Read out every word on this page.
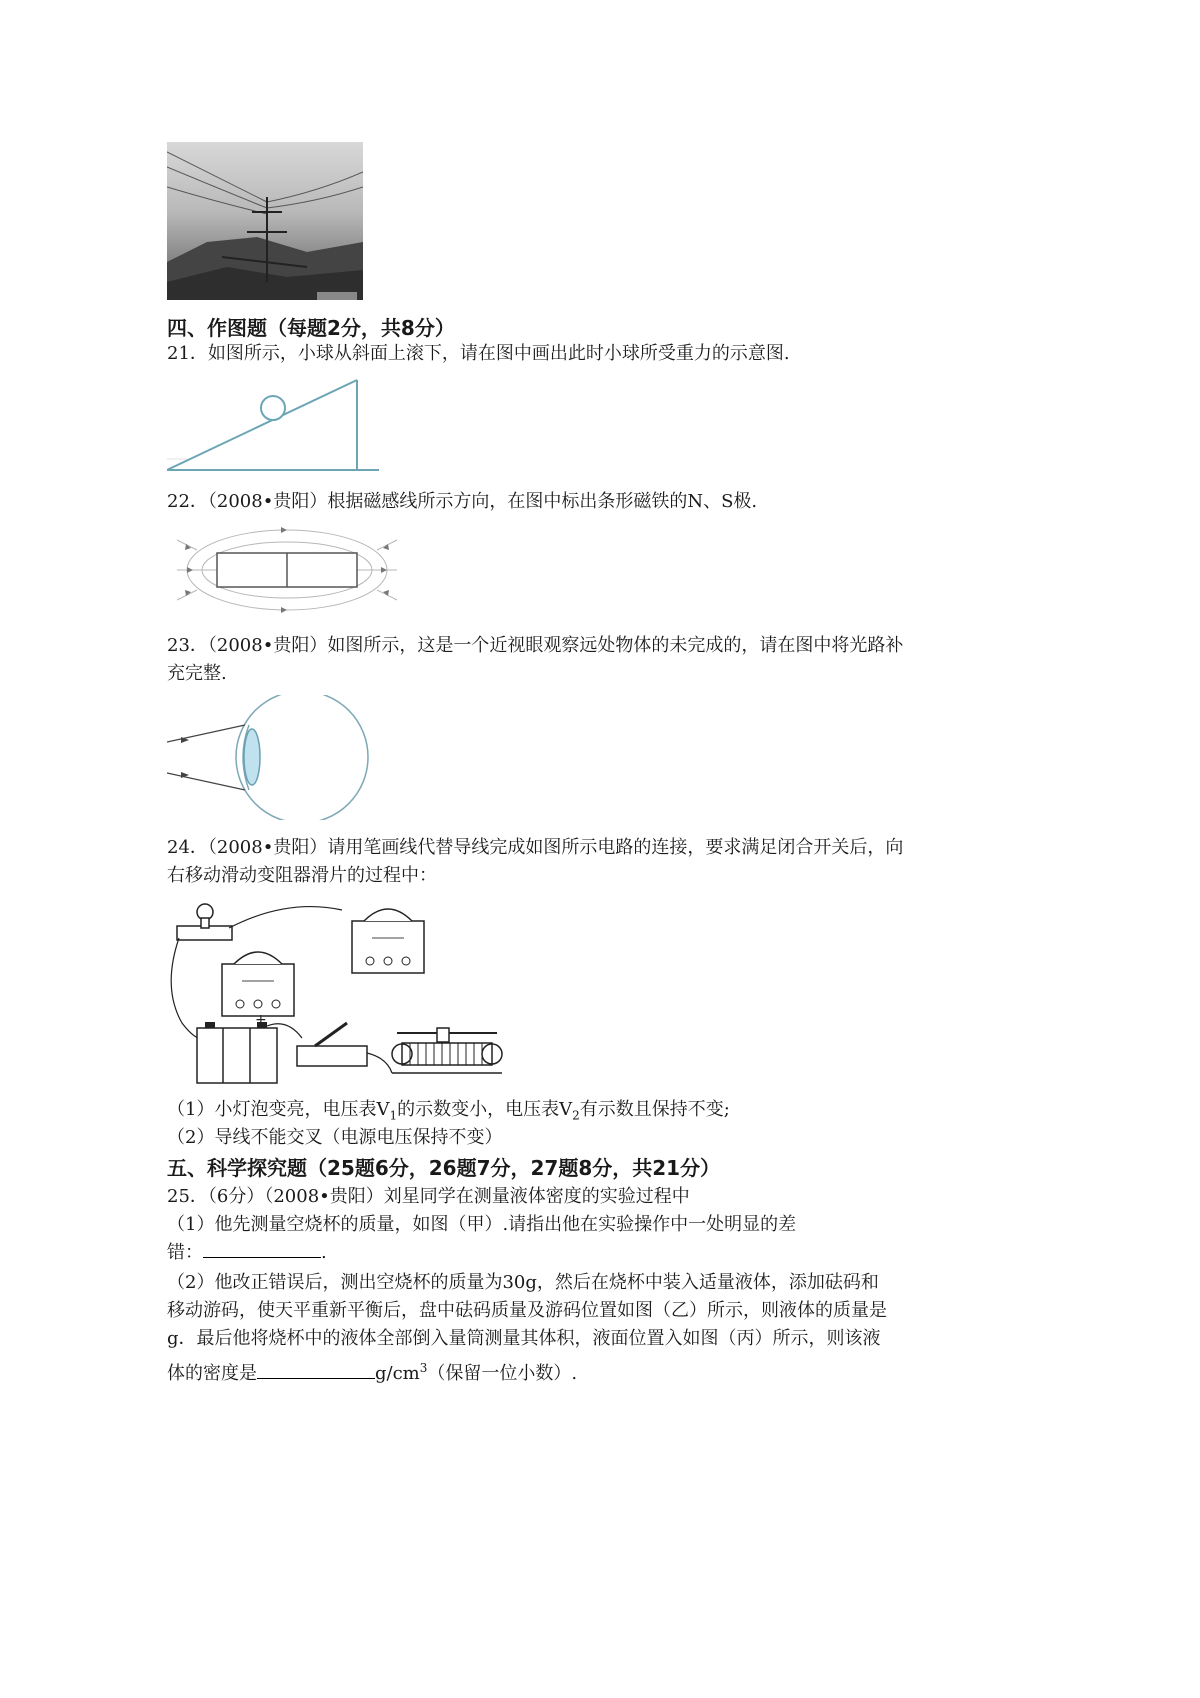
四、作图题（每题2分，共8分）
21．如图所示，小球从斜面上滚下，请在图中画出此时小球所受重力的示意图.
22．（2008•贵阳）根据磁感线所示方向，在图中标出条形磁铁的N、S极.
23．（2008•贵阳）如图所示，这是一个近视眼观察远处物体的未完成的，请在图中将光路补
充完整.
24．（2008•贵阳）请用笔画线代替导线完成如图所示电路的连接，要求满足闭合开关后，向
右移动滑动变阻器滑片的过程中：
+
（1）小灯泡变亮，电压表$V_1$的示数变小，电压表$V_2$有示数且保持不变;
（2）导线不能交叉（电源电压保持不变）
五、科学探究题（25题6分，26题7分，27题8分，共21分）
25．（6分）（2008•贵阳）刘星同学在测量液体密度的实验过程中
（1）他先测量空烧杯的质量，如图（甲）.请指出他在实验操作中一处明显的差
错：	.
（2）他改正错误后，测出空烧杯的质量为30g，然后在烧杯中装入适量液体，添加砝码和
移动游码，使天平重新平衡后，盘中砝码质量及游码位置如图（乙）所示，则液体的质量是
g．最后他将烧杯中的液体全部倒入量筒测量其体积，液面位置入如图（丙）所示，则该液
体的密度是	$g/cm^3$（保留一位小数）.
